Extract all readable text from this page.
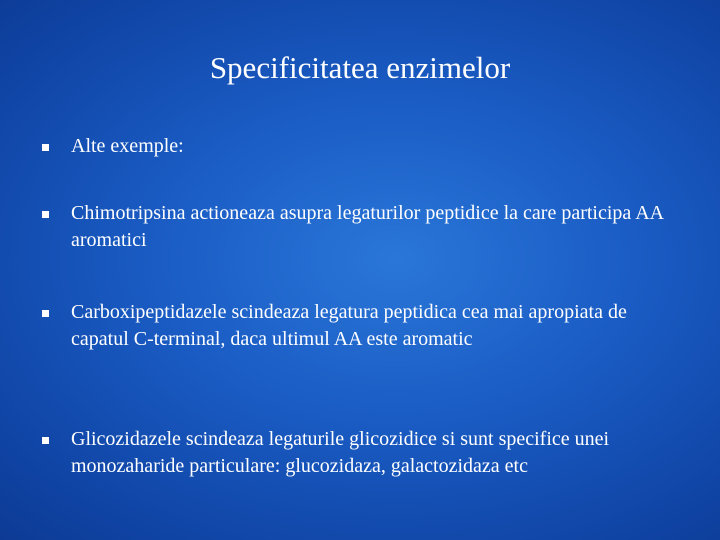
Specificitatea enzimelor
Alte exemple:
Chimotripsina actioneaza asupra legaturilor peptidice la care participa AA aromatici
Carboxipeptidazele scindeaza legatura peptidica cea mai apropiata de capatul C-terminal, daca ultimul AA este aromatic
Glicozidazele scindeaza legaturile glicozidice si sunt specifice unei monozaharide particulare: glucozidaza, galactozidaza etc
